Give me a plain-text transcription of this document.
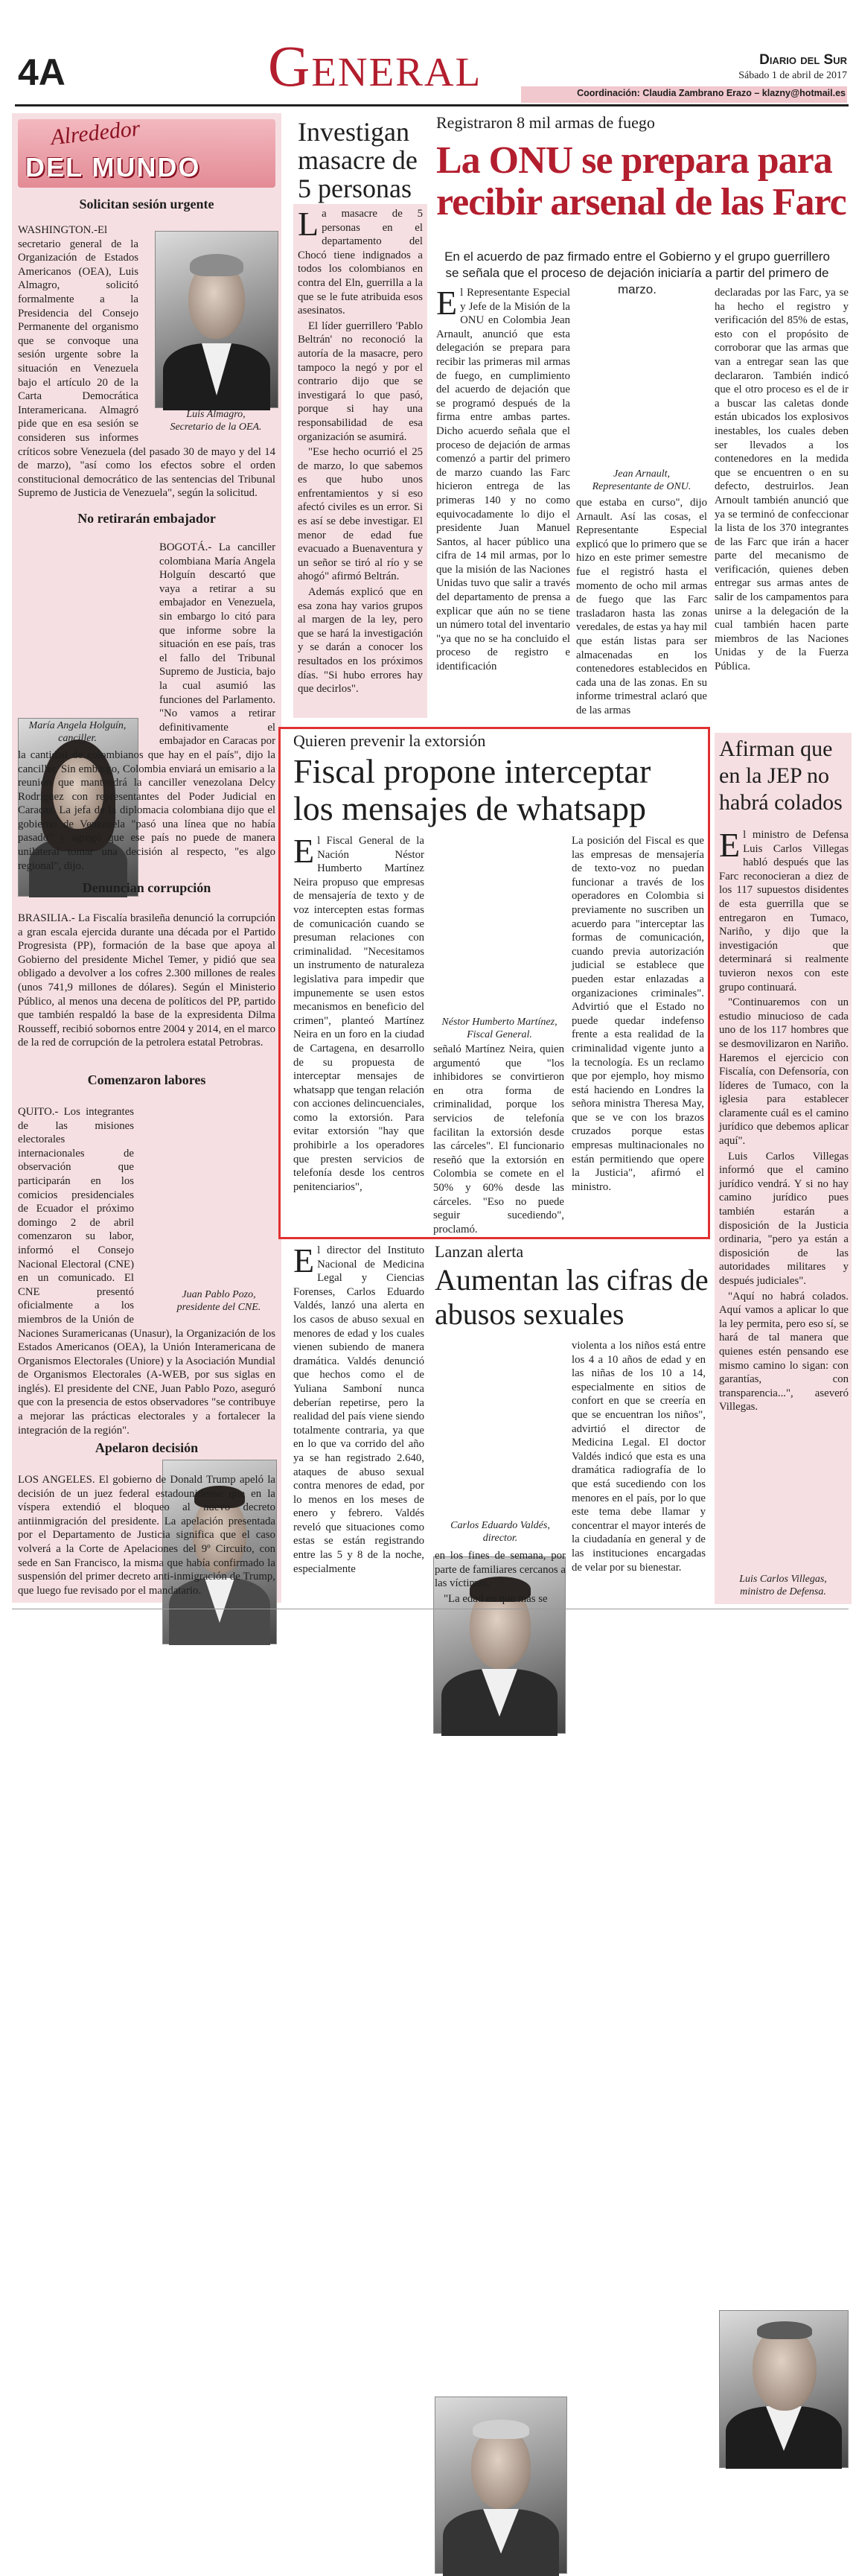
4A	General	Diario del Sur
Sábado 1 de abril de 2017
Coordinación: Claudia Zambrano Erazo – klazny@hotmail.es
Alrededor
DEL MUNDO
Solicitan sesión urgente
Luis Almagro,
Secretario de la OEA.

WASHINGTON.-El secretario general de la Organización de Estados Americanos (OEA), Luis Almagro, solicitó formalmente a la Presidencia del Consejo Permanente del organismo que se convoque una sesión urgente sobre la situación en Venezuela bajo el artículo 20 de la Carta Democrática Interamericana. Almagró pide que en esa sesión se consideren sus informes críticos sobre Venezuela (del pasado 30 de mayo y del 14 de marzo), "así como los efectos sobre el orden constitucional democrático de las sentencias del Tribunal Supremo de Justicia de Venezuela", según la solicitud.

No retirarán embajador
María Angela Holguín,
canciller.

BOGOTÁ.- La canciller colombiana María Angela Holguín descartó que vaya a retirar a su embajador en Venezuela, sin embargo lo citó para que informe sobre la situación en ese país, tras el fallo del Tribunal Supremo de Justicia, bajo la cual asumió las funciones del Parlamento. "No vamos a retirar definitivamente el embajador en Caracas por la cantidad de colombianos que hay en el país", dijo la canciller. Sin embargo, Colombia enviará un emisario a la reunión que mantendrá la canciller venezolana Delcy Rodríguez con representantes del Poder Judicial en Caracas. La jefa de la diplomacia colombiana dijo que el gobierno de Venezuela "pasó una línea que no había pasado" y agregó que ese país no puede de manera unilateral tomar una decisión al respecto, "es algo regional", dijo.

Denuncian corrupción

BRASILIA.- La Fiscalía brasileña denunció la corrupción a gran escala ejercida durante una década por el Partido Progresista (PP), formación de la base que apoya al Gobierno del presidente Michel Temer, y pidió que sea obligado a devolver a los cofres 2.300 millones de reales (unos 741,9 millones de dólares). Según el Ministerio Público, al menos una decena de políticos del PP, partido que también respaldó la base de la expresidenta Dilma Rousseff, recibió sobornos entre 2004 y 2014, en el marco de la red de corrupción de la petrolera estatal Petrobras.

Comenzaron labores
Juan Pablo Pozo,
presidente del CNE.

QUITO.- Los integrantes de las misiones electorales internacionales de observación que participarán en los comicios presidenciales de Ecuador el próximo domingo 2 de abril comenzaron su labor, informó el Consejo Nacional Electoral (CNE) en un comunicado. El CNE presentó oficialmente a los miembros de la Unión de Naciones Suramericanas (Unasur), la Organización de los Estados Americanos (OEA), la Unión Interamericana de Organismos Electorales (Uniore) y la Asociación Mundial de Organismos Electorales (A-WEB, por sus siglas en inglés). El presidente del CNE, Juan Pablo Pozo, aseguró que con la presencia de estos observadores "se contribuye a mejorar las prácticas electorales y a fortalecer la integración de la región".

Apelaron decisión

LOS ANGELES. El gobierno de Donald Trump apeló la decisión de un juez federal estadounidense que en la víspera extendió el bloqueo al nuevo decreto antiinmigración del presidente. La apelación presentada por el Departamento de Justicia significa que el caso volverá a la Corte de Apelaciones del 9º Circuito, con sede en San Francisco, la misma que había confirmado la suspensión del primer decreto anti-inmigración de Trump, que luego fue revisado por el mandatario.

Investigan masacre de 5 personas

La masacre de 5 personas en el departamento del Chocó tiene indignados a todos los colombianos en contra del Eln, guerrilla a la que se le fute atribuida esos asesinatos.

El líder guerrillero 'Pablo Beltrán' no reconoció la autoría de la masacre, pero tampoco la negó y por el contrario dijo que se investigará lo que pasó, porque si hay una responsabilidad de esa organización se asumirá.

"Ese hecho ocurrió el 25 de marzo, lo que sabemos es que hubo unos enfrentamientos y si eso afectó civiles es un error. Si es así se debe investigar. El menor de edad fue evacuado a Buenaventura y un señor se tiró al río y se ahogó" afirmó Beltrán.

Además explicó que en esa zona hay varios grupos al margen de la ley, pero que se hará la investigación y se darán a conocer los resultados en los próximos días. "Si hubo errores hay que decirlos".

Registraron 8 mil armas de fuego
La ONU se prepara para recibir arsenal de las Farc
En el acuerdo de paz firmado entre el Gobierno y el grupo guerrillero se señala que el proceso de dejación iniciaría a partir del primero de marzo.

El Representante Especial y Jefe de la Misión de la ONU en Colombia Jean Arnault, anunció que esta delegación se prepara para recibir las primeras mil armas de fuego, en cumplimiento del acuerdo de dejación que se programó después de la firma entre ambas partes. Dicho acuerdo señala que el proceso de dejación de armas comenzó a partir del primero de marzo cuando las Farc hicieron entrega de las primeras 140 y no como equivocadamente lo dijo el presidente Juan Manuel Santos, al hacer público una cifra de 14 mil armas, por lo que la misión de las Naciones Unidas tuvo que salir a través del departamento de prensa a explicar que aún no se tiene un número total del inventario "ya que no se ha concluido el proceso de registro e identificación

Jean Arnault,
Representante de ONU.

que estaba en curso", dijo Arnault. Así las cosas, el Representante Especial explicó que lo primero que se hizo en este primer semestre fue el registró hasta el momento de ocho mil armas de fuego que las Farc trasladaron hasta las zonas veredales, de estas ya hay mil que están listas para ser almacenadas en los contenedores establecidos en cada una de las zonas. En su informe trimestral aclaró que de las armas

declaradas por las Farc, ya se ha hecho el registro y verificación del 85% de estas, esto con el propósito de corroborar que las armas que van a entregar sean las que declararon. También indicó que el otro proceso es el de ir a buscar las caletas donde están ubicados los explosivos inestables, los cuales deben ser llevados a los contenedores en la medida que se encuentren o en su defecto, destruirlos. Jean Arnoult también anunció que ya se terminó de confeccionar la lista de los 370 integrantes de las Farc que irán a hacer parte del mecanismo de verificación, quienes deben entregar sus armas antes de salir de los campamentos para unirse a la delegación de la cual también hacen parte miembros de las Naciones Unidas y de la Fuerza Pública.

Quieren prevenir la extorsión
Fiscal propone interceptar
los mensajes de whatsapp

El Fiscal General de la Nación Néstor Humberto Martínez Neira propuso que empresas de mensajería de texto y de voz intercepten estas formas de comunicación cuando se presuman relaciones con criminalidad. "Necesitamos un instrumento de naturaleza legislativa para impedir que impunemente se usen estos mecanismos en beneficio del crimen", planteó Martínez Neira en un foro en la ciudad de Cartagena, en desarrollo de su propuesta de interceptar mensajes de whatsapp que tengan relación con acciones delincuenciales, como la extorsión. Para evitar extorsión "hay que prohibirle a los operadores que presten servicios de telefonía desde los centros penitenciarios",

Néstor Humberto Martínez,
Fiscal General.

señaló Martínez Neira, quien argumentó que "los inhibidores se convirtieron en otra forma de criminalidad, porque los servicios de telefonía facilitan la extorsión desde las cárceles". El funcionario reseñó que la extorsión en Colombia se comete en el 50% y 60% desde las cárceles. "Eso no puede seguir sucediendo", proclamó.

La posición del Fiscal es que las empresas de mensajería de texto-voz no puedan funcionar a través de los operadores en Colombia si previamente no suscriben un acuerdo para "interceptar las formas de comunicación, cuando previa autorización judicial se establece que pueden estar enlazadas a organizaciones criminales". Advirtió que el Estado no puede quedar indefenso frente a esta realidad de la criminalidad vigente junto a la tecnología. Es un reclamo que por ejemplo, hoy mismo está haciendo en Londres la señora ministra Theresa May, que se ve con los brazos cruzados porque estas empresas multinacionales no están permitiendo que opere la Justicia", afirmó el ministro.

Afirman que en la JEP no habrá colados

El ministro de Defensa Luis Carlos Villegas habló después que las Farc reconocieran a diez de los 117 supuestos disidentes de esta guerrilla que se entregaron en Tumaco, Nariño, y dijo que la investigación que determinará si realmente tuvieron nexos con este grupo continuará.

"Continuaremos con un estudio minucioso de cada uno de los 117 hombres que se desmovilizaron en Nariño. Haremos el ejercicio con Fiscalía, con Defensoría, con líderes de Tumaco, con la iglesia para establecer claramente cuál es el camino jurídico que debemos aplicar aquí".

Luis Carlos Villegas informó que el camino jurídico vendrá. Y si no hay camino jurídico pues también estarán a disposición de la Justicia ordinaria, "pero ya están a disposición de las autoridades militares y después judiciales".

"Aquí no habrá colados. Aquí vamos a aplicar lo que la ley permita, pero eso sí, se hará de tal manera que quienes estén pensando ese mismo camino lo sigan: con garantías, con transparencia...", aseveró Villegas.

Luis Carlos Villegas,
ministro de Defensa.

El director del Instituto Nacional de Medicina Legal y Ciencias Forenses, Carlos Eduardo Valdés, lanzó una alerta en los casos de abuso sexual en menores de edad y los cuales vienen subiendo de manera dramática. Valdés denunció que hechos como el de Yuliana Samboní nunca deberían repetirse, pero la realidad del país viene siendo totalmente contraria, ya que en lo que va corrido del año ya se han registrado 2.640, ataques de abuso sexual contra menores de edad, por lo menos en los meses de enero y febrero. Valdés reveló que situaciones como estas se están registrando entre las 5 y 8 de la noche, especialmente

Lanzan alerta
Aumentan las cifras de abusos sexuales
Carlos Eduardo Valdés,
director.

en los fines de semana, por parte de familiares cercanos a las víctimas.

"La edad en que más se

violenta a los niños está entre los 4 a 10 años de edad y en las niñas de los 10 a 14, especialmente en sitios de confort en que se creería en que se encuentran los niños", advirtió el director de Medicina Legal. El doctor Valdés indicó que esta es una dramática radiografía de lo que está sucediendo con los menores en el país, por lo que este tema debe llamar y concentrar el mayor interés de la ciudadanía en general y de las instituciones encargadas de velar por su bienestar.
